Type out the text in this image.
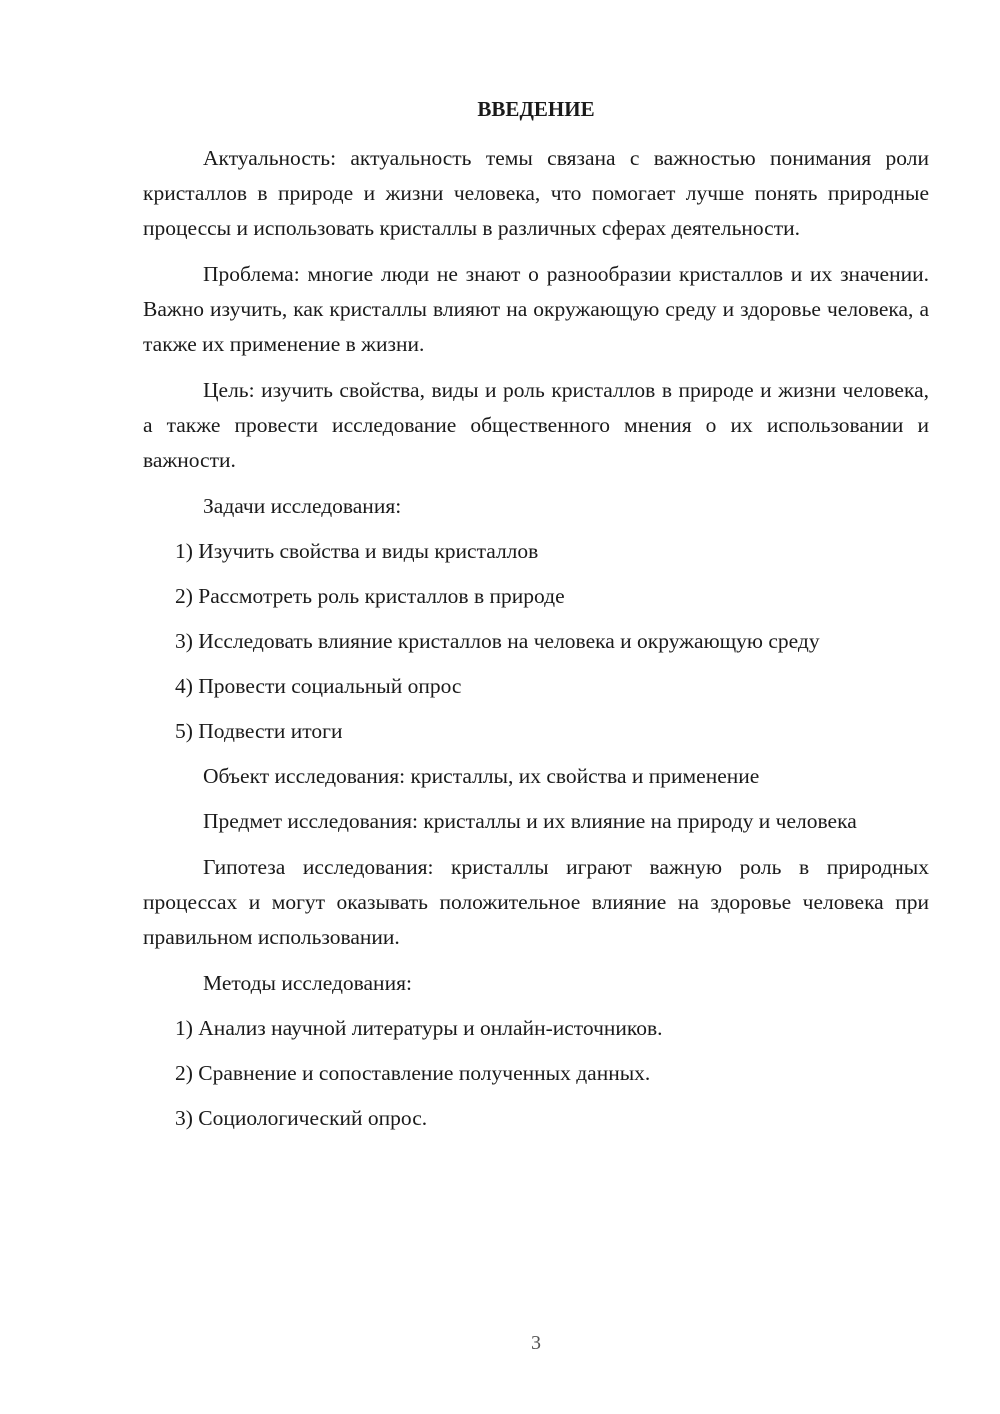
ВВЕДЕНИЕ
Актуальность: актуальность темы связана с важностью понимания роли кристаллов в природе и жизни человека, что помогает лучше понять природные процессы и использовать кристаллы в различных сферах деятельности.
Проблема: многие люди не знают о разнообразии кристаллов и их значении. Важно изучить, как кристаллы влияют на окружающую среду и здоровье человека, а также их применение в жизни.
Цель: изучить свойства, виды и роль кристаллов в природе и жизни человека, а также провести исследование общественного мнения о их использовании и важности.
Задачи исследования:
1) Изучить свойства и виды кристаллов
2) Рассмотреть роль кристаллов в природе
3) Исследовать влияние кристаллов на человека и окружающую среду
4) Провести социальный опрос
5) Подвести итоги
Объект исследования: кристаллы, их свойства и применение
Предмет исследования: кристаллы и их влияние на природу и человека
Гипотеза исследования: кристаллы играют важную роль в природных процессах и могут оказывать положительное влияние на здоровье человека при правильном использовании.
Методы исследования:
1) Анализ научной литературы и онлайн-источников.
2) Сравнение и сопоставление полученных данных.
3) Социологический опрос.
3
